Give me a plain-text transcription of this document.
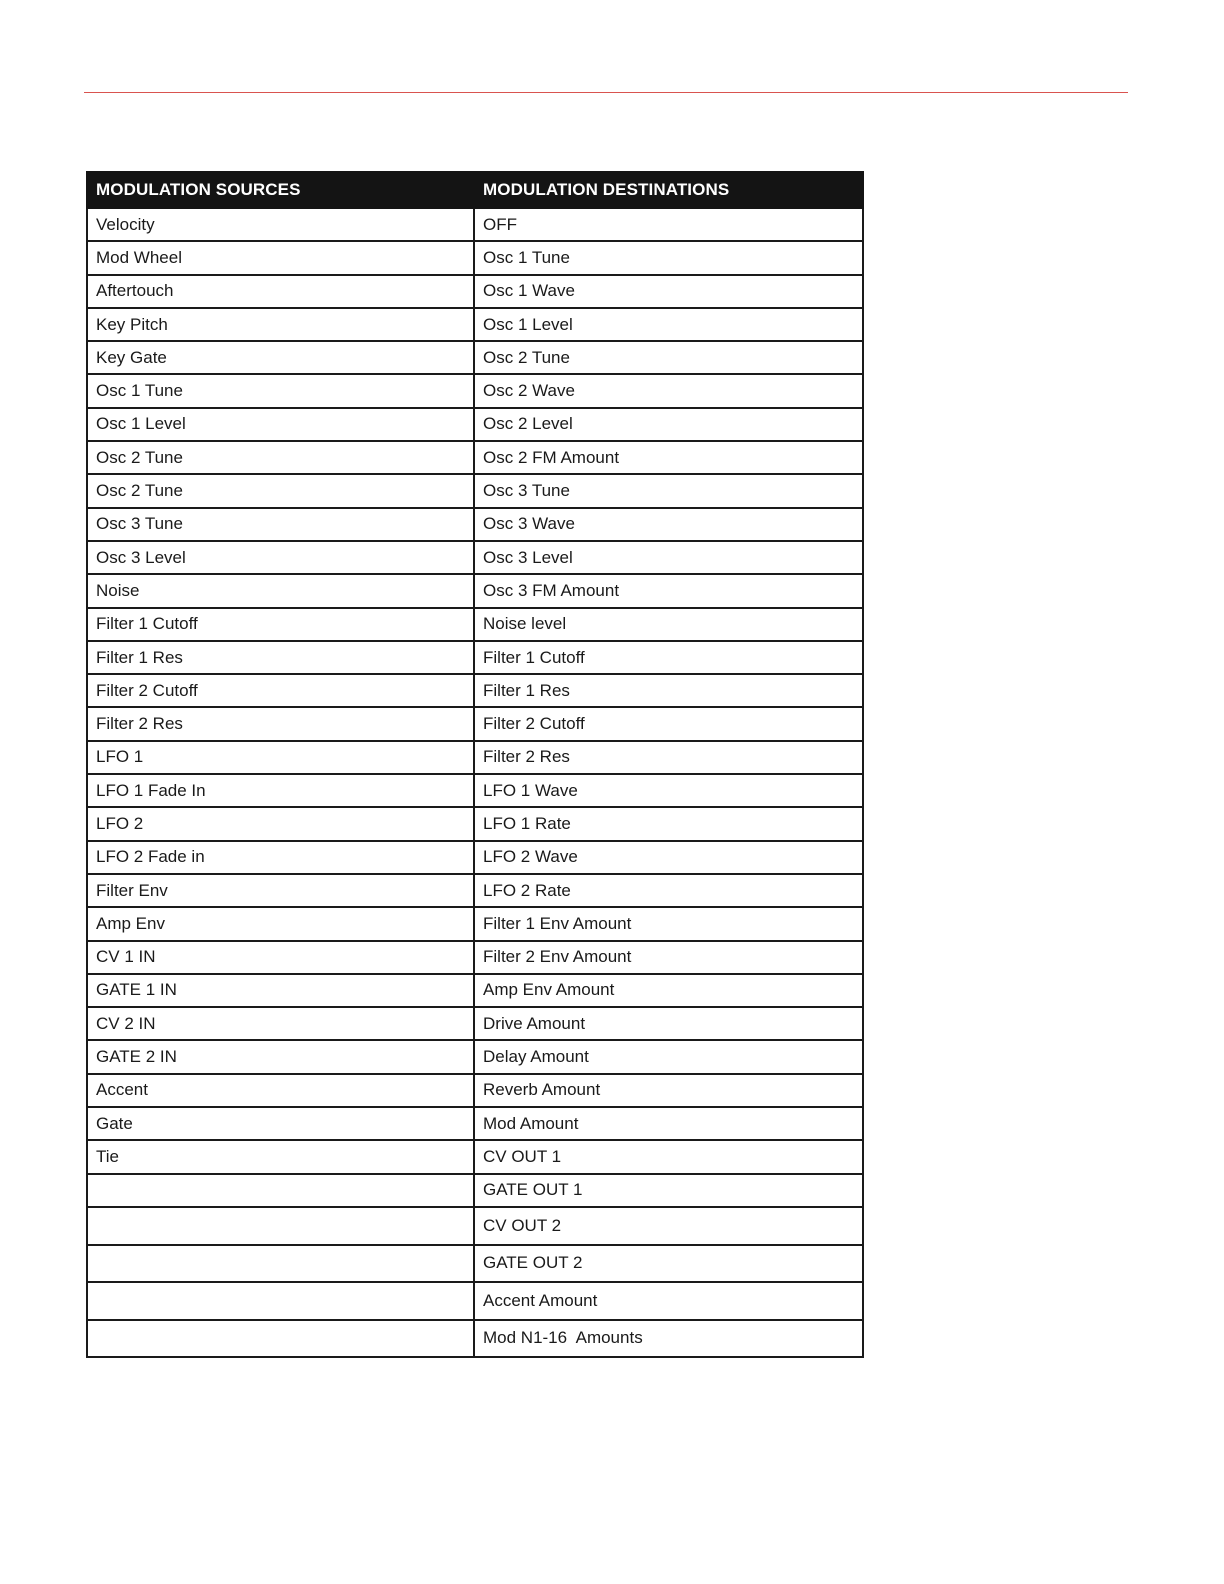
MODULATION SOURCES	MODULATION DESTINATIONS
Velocity	OFF
Mod Wheel	Osc 1 Tune
Aftertouch	Osc 1 Wave
Key Pitch	Osc 1 Level
Key Gate	Osc 2 Tune
Osc 1 Tune	Osc 2 Wave
Osc 1 Level	Osc 2 Level
Osc 2 Tune	Osc 2 FM Amount
Osc 2 Tune	Osc 3 Tune
Osc 3 Tune	Osc 3 Wave
Osc 3 Level	Osc 3 Level
Noise	Osc 3 FM Amount
Filter 1 Cutoff	Noise level
Filter 1 Res	Filter 1 Cutoff
Filter 2 Cutoff	Filter 1 Res
Filter 2 Res	Filter 2 Cutoff
LFO 1	Filter 2 Res
LFO 1 Fade In	LFO 1 Wave
LFO 2	LFO 1 Rate
LFO 2 Fade in	LFO 2 Wave
Filter Env	LFO 2 Rate
Amp Env	Filter 1 Env Amount
CV 1 IN	Filter 2 Env Amount
GATE 1 IN	Amp Env Amount
CV 2 IN	Drive Amount
GATE 2 IN	Delay Amount
Accent	Reverb Amount
Gate	Mod Amount
Tie	CV OUT 1
	GATE OUT 1
	CV OUT 2
	GATE OUT 2
	Accent Amount
	Mod N1-16  Amounts
